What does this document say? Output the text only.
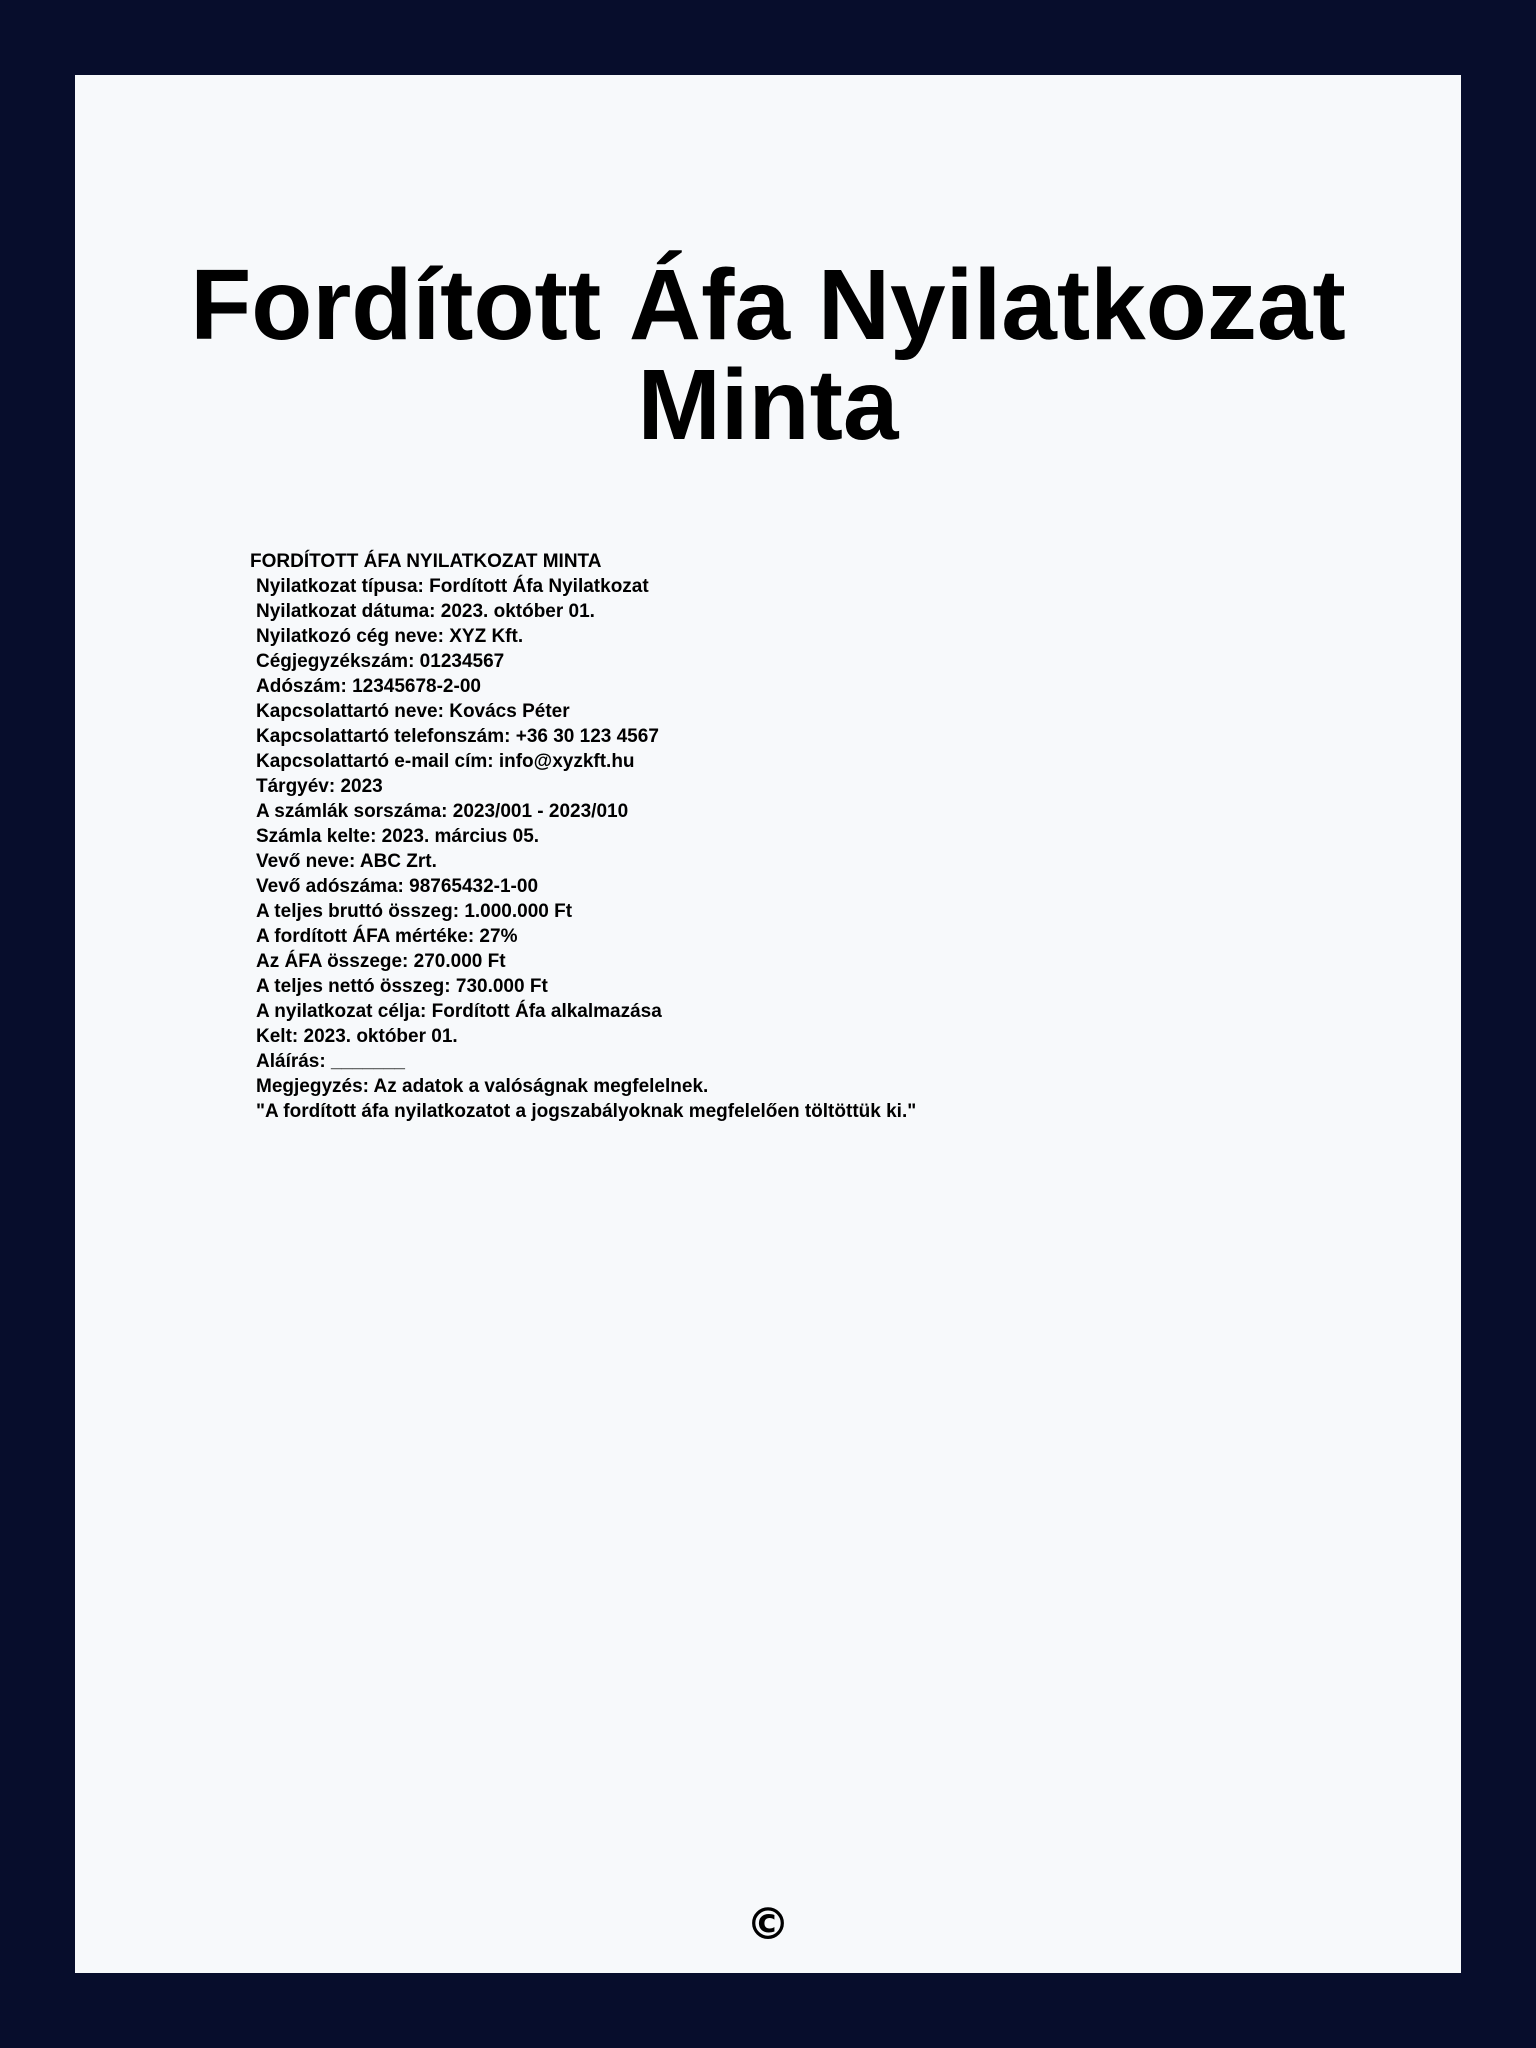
Fordított Áfa Nyilatkozat Minta
FORDÍTOTT ÁFA NYILATKOZAT MINTA
Nyilatkozat típusa: Fordított Áfa Nyilatkozat
Nyilatkozat dátuma: 2023. október 01.
Nyilatkozó cég neve: XYZ Kft.
Cégjegyzékszám: 01234567
Adószám: 12345678-2-00
Kapcsolattartó neve: Kovács Péter
Kapcsolattartó telefonszám: +36 30 123 4567
Kapcsolattartó e-mail cím: info@xyzkft.hu
Tárgyév: 2023
A számlák sorszáma: 2023/001 - 2023/010
Számla kelte: 2023. március 05.
Vevő neve: ABC Zrt.
Vevő adószáma: 98765432-1-00
A teljes bruttó összeg: 1.000.000 Ft
A fordított ÁFA mértéke: 27%
Az ÁFA összege: 270.000 Ft
A teljes nettó összeg: 730.000 Ft
A nyilatkozat célja: Fordított Áfa alkalmazása
Kelt: 2023. október 01.
Aláírás: _______
Megjegyzés: Az adatok a valóságnak megfelelnek.
"A fordított áfa nyilatkozatot a jogszabályoknak megfelelően töltöttük ki."
©
